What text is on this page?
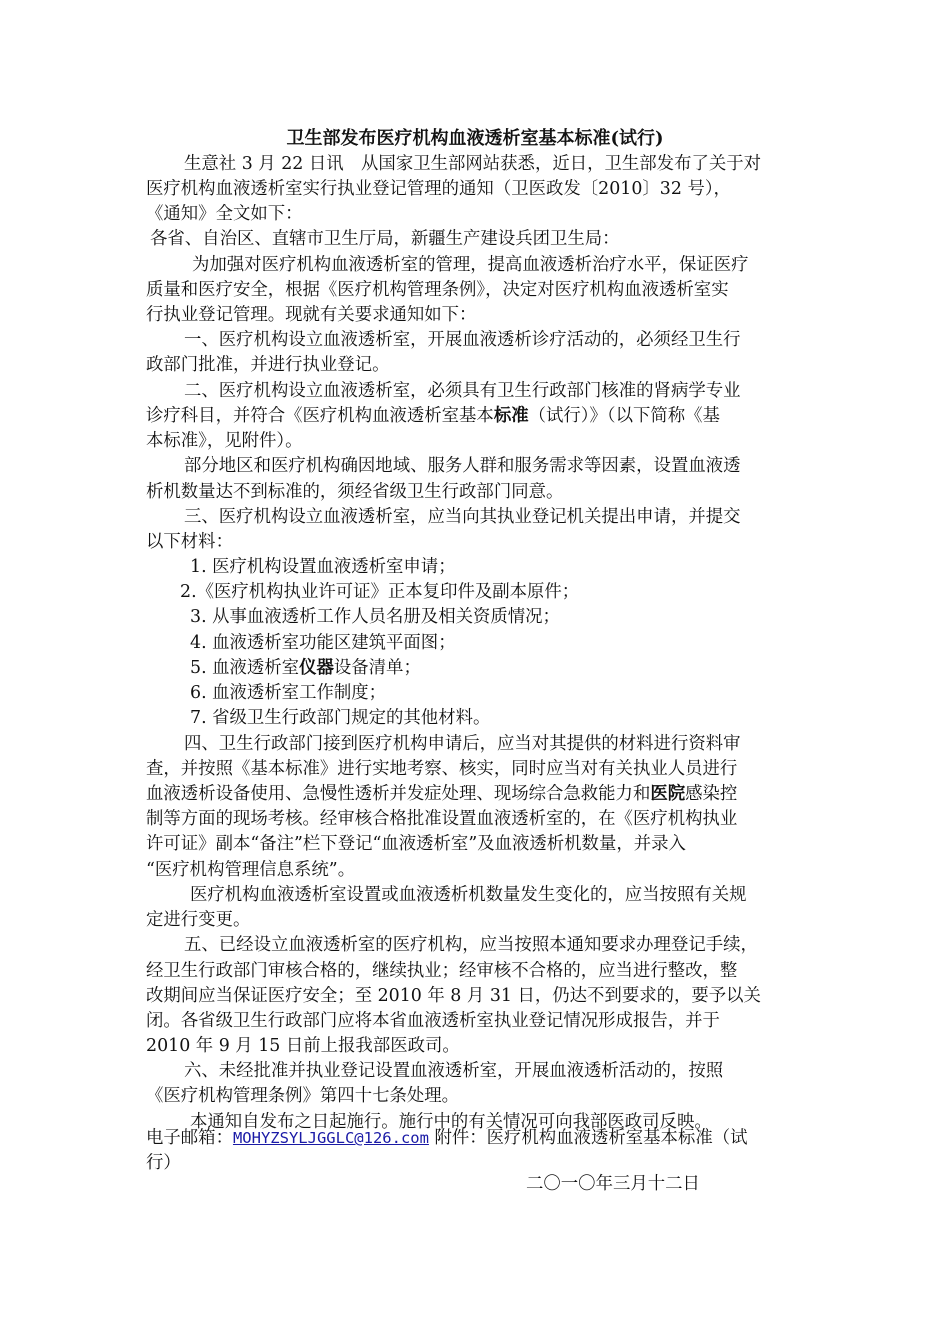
卫生部发布医疗机构血液透析室基本标准(试行)
生意社 3 月 22 日讯　从国家卫生部网站获悉，近日，卫生部发布了关于对
医疗机构血液透析室实行执业登记管理的通知（卫医政发〔2010〕32 号），
《通知》全文如下：
各省、自治区、直辖市卫生厅局，新疆生产建设兵团卫生局：
为加强对医疗机构血液透析室的管理，提高血液透析治疗水平，保证医疗
质量和医疗安全，根据《医疗机构管理条例》，决定对医疗机构血液透析室实
行执业登记管理。现就有关要求通知如下：
一、医疗机构设立血液透析室，开展血液透析诊疗活动的，必须经卫生行
政部门批准，并进行执业登记。
二、医疗机构设立血液透析室，必须具有卫生行政部门核准的肾病学专业
诊疗科目，并符合《医疗机构血液透析室基本标准（试行）》（以下简称《基
本标准》，见附件）。
部分地区和医疗机构确因地域、服务人群和服务需求等因素，设置血液透
析机数量达不到标准的，须经省级卫生行政部门同意。
三、医疗机构设立血液透析室，应当向其执业登记机关提出申请，并提交
以下材料：
1. 医疗机构设置血液透析室申请；
2.《医疗机构执业许可证》正本复印件及副本原件；
3. 从事血液透析工作人员名册及相关资质情况；
4. 血液透析室功能区建筑平面图；
5. 血液透析室仪器设备清单；
6. 血液透析室工作制度；
7. 省级卫生行政部门规定的其他材料。
四、卫生行政部门接到医疗机构申请后，应当对其提供的材料进行资料审
查，并按照《基本标准》进行实地考察、核实，同时应当对有关执业人员进行
血液透析设备使用、急慢性透析并发症处理、现场综合急救能力和医院感染控
制等方面的现场考核。经审核合格批准设置血液透析室的，在《医疗机构执业
许可证》副本“备注”栏下登记“血液透析室”及血液透析机数量，并录入
“医疗机构管理信息系统”。
医疗机构血液透析室设置或血液透析机数量发生变化的，应当按照有关规
定进行变更。
五、已经设立血液透析室的医疗机构，应当按照本通知要求办理登记手续，
经卫生行政部门审核合格的，继续执业；经审核不合格的，应当进行整改，整
改期间应当保证医疗安全；至 2010 年 8 月 31 日，仍达不到要求的，要予以关
闭。各省级卫生行政部门应将本省血液透析室执业登记情况形成报告，并于
2010 年 9 月 15 日前上报我部医政司。
六、未经批准并执业登记设置血液透析室，开展血液透析活动的，按照
《医疗机构管理条例》第四十七条处理。
本通知自发布之日起施行。施行中的有关情况可向我部医政司反映。
电子邮箱：MOHYZSYLJGGLC@126.com 附件：医疗机构血液透析室基本标准（试
行）
二〇一〇年三月十二日
